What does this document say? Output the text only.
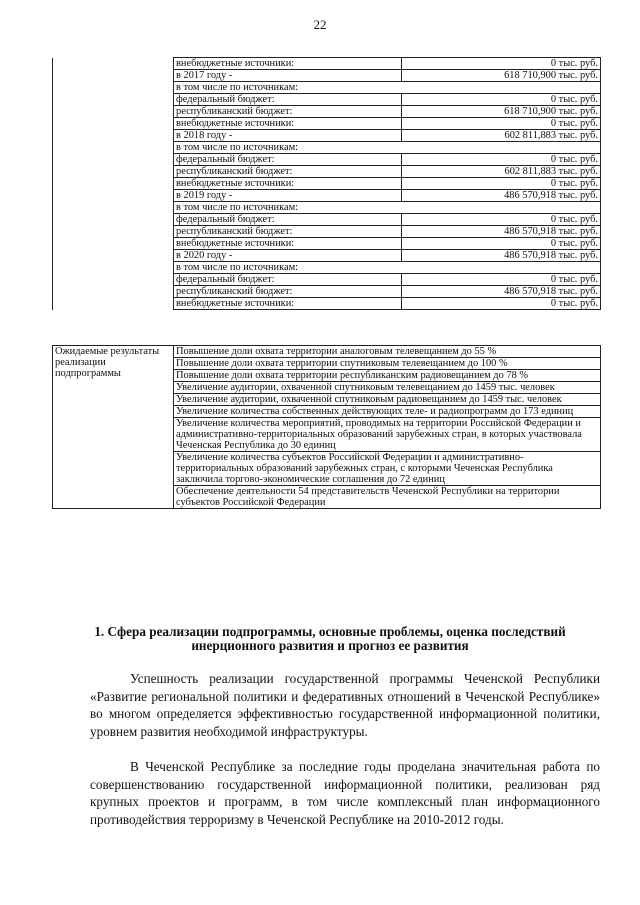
22
	внебюджетные источники:	0 тыс. руб.
	в 2017 году -	618 710,900 тыс. руб.
	в том числе по источникам:	
	федеральный бюджет:	0 тыс. руб.
	республиканский бюджет:	618 710,900 тыс. руб.
	внебюджетные источники:	0 тыс. руб.
	в 2018 году -	602 811,883 тыс. руб.
	в том числе по источникам:	
	федеральный бюджет:	0 тыс. руб.
	республиканский бюджет:	602 811,883 тыс. руб.
	внебюджетные источники:	0 тыс. руб.
	в 2019 году -	486 570,918 тыс. руб.
	в том числе по источникам:	
	федеральный бюджет:	0 тыс. руб.
	республиканский бюджет:	486 570,918 тыс. руб.
	внебюджетные источники:	0 тыс. руб.
	в 2020 году -	486 570,918 тыс. руб.
	в том числе по источникам:	
	федеральный бюджет:	0 тыс. руб.
	республиканский бюджет:	486 570,918 тыс. руб.
	внебюджетные источники:	0 тыс. руб.
Ожидаемые результаты реализации подпрограммы	Повышение доли охвата территории аналоговым телевещанием до 55 %
Повышение доли охвата территории спутниковым телевещанием до 100 %
Повышение доли охвата территории республиканским радиовещанием до 78 %
Увеличение аудитории, охваченной спутниковым телевещанием до 1459 тыс. человек
Увеличение аудитории, охваченной спутниковым радиовещанием до 1459 тыс. человек
Увеличение количества собственных действующих теле- и радиопрограмм до 173 единиц
Увеличение количества мероприятий, проводимых на территории Российской Федерации и административно-территориальных образований зарубежных стран, в которых участвовала Чеченская Республика до 30 единиц
Увеличение количества субъектов Российской Федерации и административно-территориальных образований зарубежных стран, с которыми Чеченская Республика заключила торгово-экономические соглашения до 72 единиц
Обеспечение деятельности 54 представительств Чеченской Республики на территории субъектов Российской Федерации
1. Сфера реализации подпрограммы, основные проблемы, оценка последствий инерционного развития и прогноз ее развития

Успешность реализации государственной программы Чеченской Республики «Развитие региональной политики и федеративных отношений в Чеченской Республике» во многом определяется эффективностью государственной информационной политики, уровнем развития необходимой инфраструктуры.

В Чеченской Республике за последние годы проделана значительная работа по совершенствованию государственной информационной политики, реализован ряд крупных проектов и программ, в том числе комплексный план информационного противодействия терроризму в Чеченской Республике на 2010-2012 годы.
